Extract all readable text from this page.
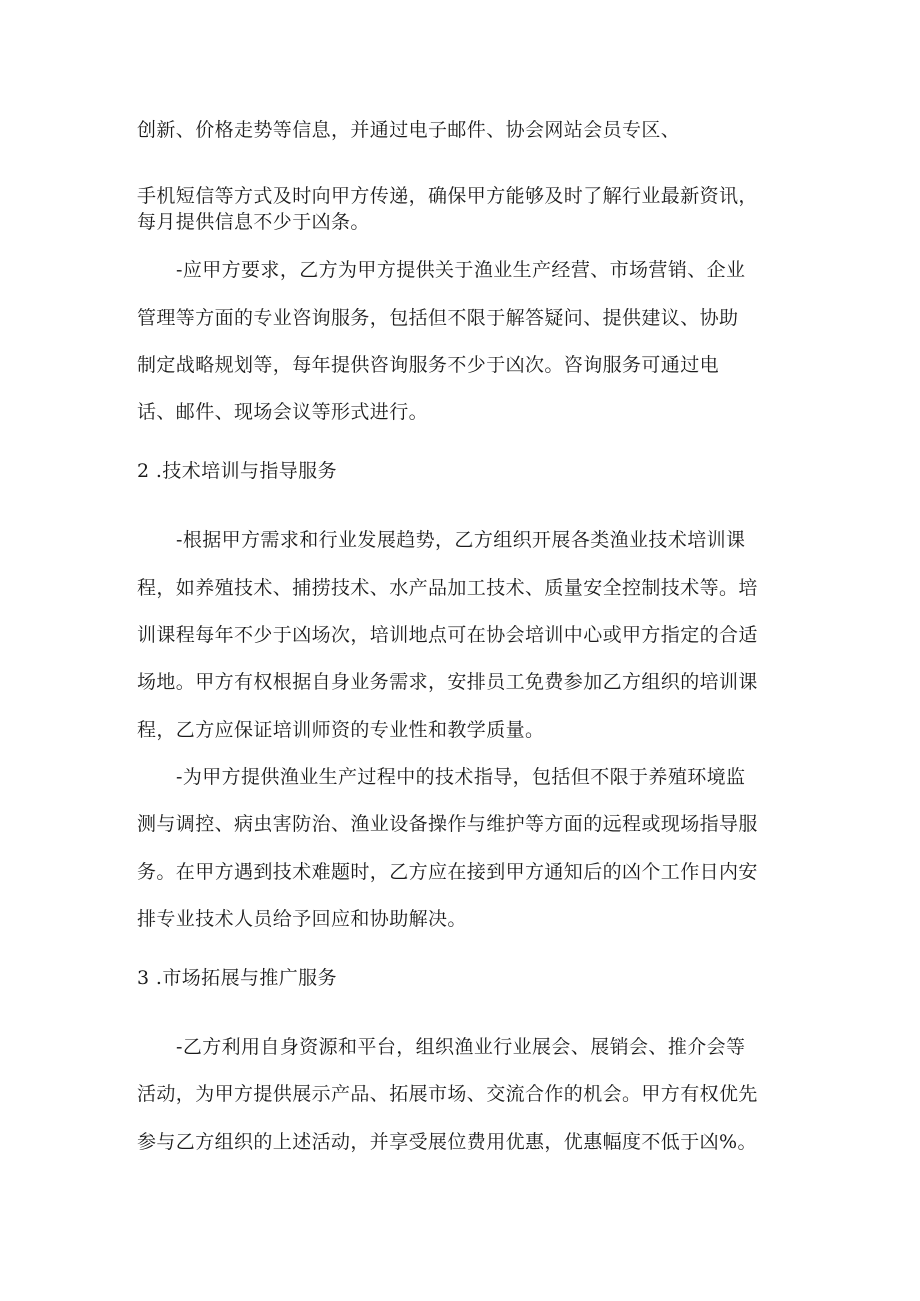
创新、价格走势等信息，并通过电子邮件、协会网站会员专区、
手机短信等方式及时向甲方传递，确保甲方能够及时了解行业最新资讯，
每月提供信息不少于凶条。
-应甲方要求，乙方为甲方提供关于渔业生产经营、市场营销、企业
管理等方面的专业咨询服务，包括但不限于解答疑问、提供建议、协助
制定战略规划等，每年提供咨询服务不少于凶次。咨询服务可通过电
话、邮件、现场会议等形式进行。
2 .技术培训与指导服务
-根据甲方需求和行业发展趋势，乙方组织开展各类渔业技术培训课
程，如养殖技术、捕捞技术、水产品加工技术、质量安全控制技术等。培
训课程每年不少于凶场次，培训地点可在协会培训中心或甲方指定的合适
场地。甲方有权根据自身业务需求，安排员工免费参加乙方组织的培训课
程，乙方应保证培训师资的专业性和教学质量。
-为甲方提供渔业生产过程中的技术指导，包括但不限于养殖环境监
测与调控、病虫害防治、渔业设备操作与维护等方面的远程或现场指导服
务。在甲方遇到技术难题时，乙方应在接到甲方通知后的凶个工作日内安
排专业技术人员给予回应和协助解决。
3 .市场拓展与推广服务
-乙方利用自身资源和平台，组织渔业行业展会、展销会、推介会等
活动，为甲方提供展示产品、拓展市场、交流合作的机会。甲方有权优先
参与乙方组织的上述活动，并享受展位费用优惠，优惠幅度不低于凶%。
